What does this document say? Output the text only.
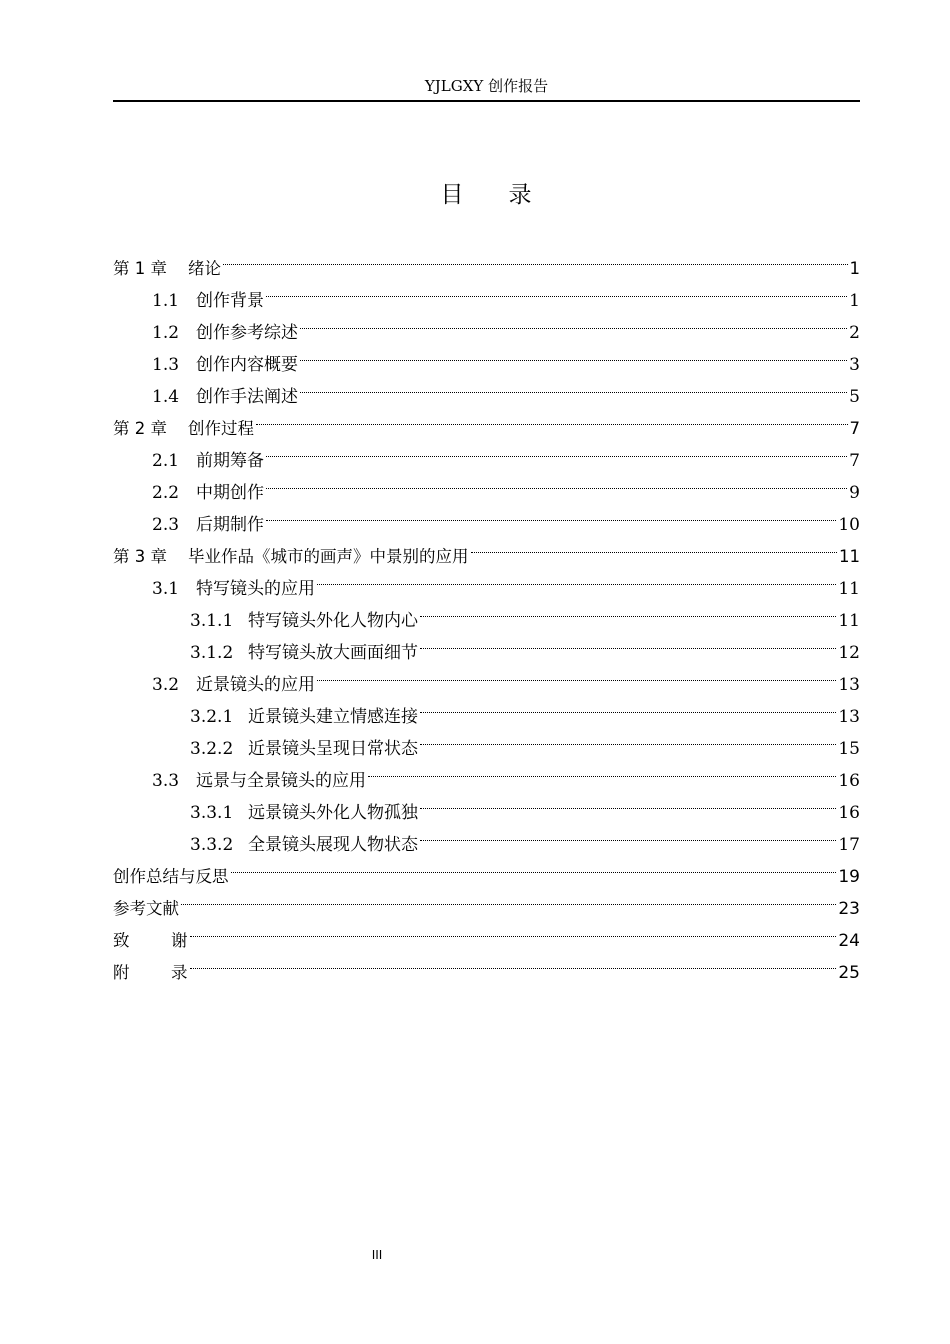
YJLGXY 创作报告
目 录
第 1 章	绪论	1
1.1 创作背景	1
1.2 创作参考综述	2
1.3 创作内容概要	3
1.4 创作手法阐述	5
第 2 章	创作过程	7
2.1 前期筹备	7
2.2 中期创作	9
2.3 后期制作	10
第 3 章	毕业作品《城市的画声》中景别的应用	11
3.1 特写镜头的应用	11
3.1.1 特写镜头外化人物内心	11
3.1.2 特写镜头放大画面细节	12
3.2 近景镜头的应用	13
3.2.1 近景镜头建立情感连接	13
3.2.2 近景镜头呈现日常状态	15
3.3 远景与全景镜头的应用	16
3.3.1 远景镜头外化人物孤独	16
3.3.2 全景镜头展现人物状态	17
创作总结与反思	19
参考文献	23
致	谢	24
附	录	25
III
